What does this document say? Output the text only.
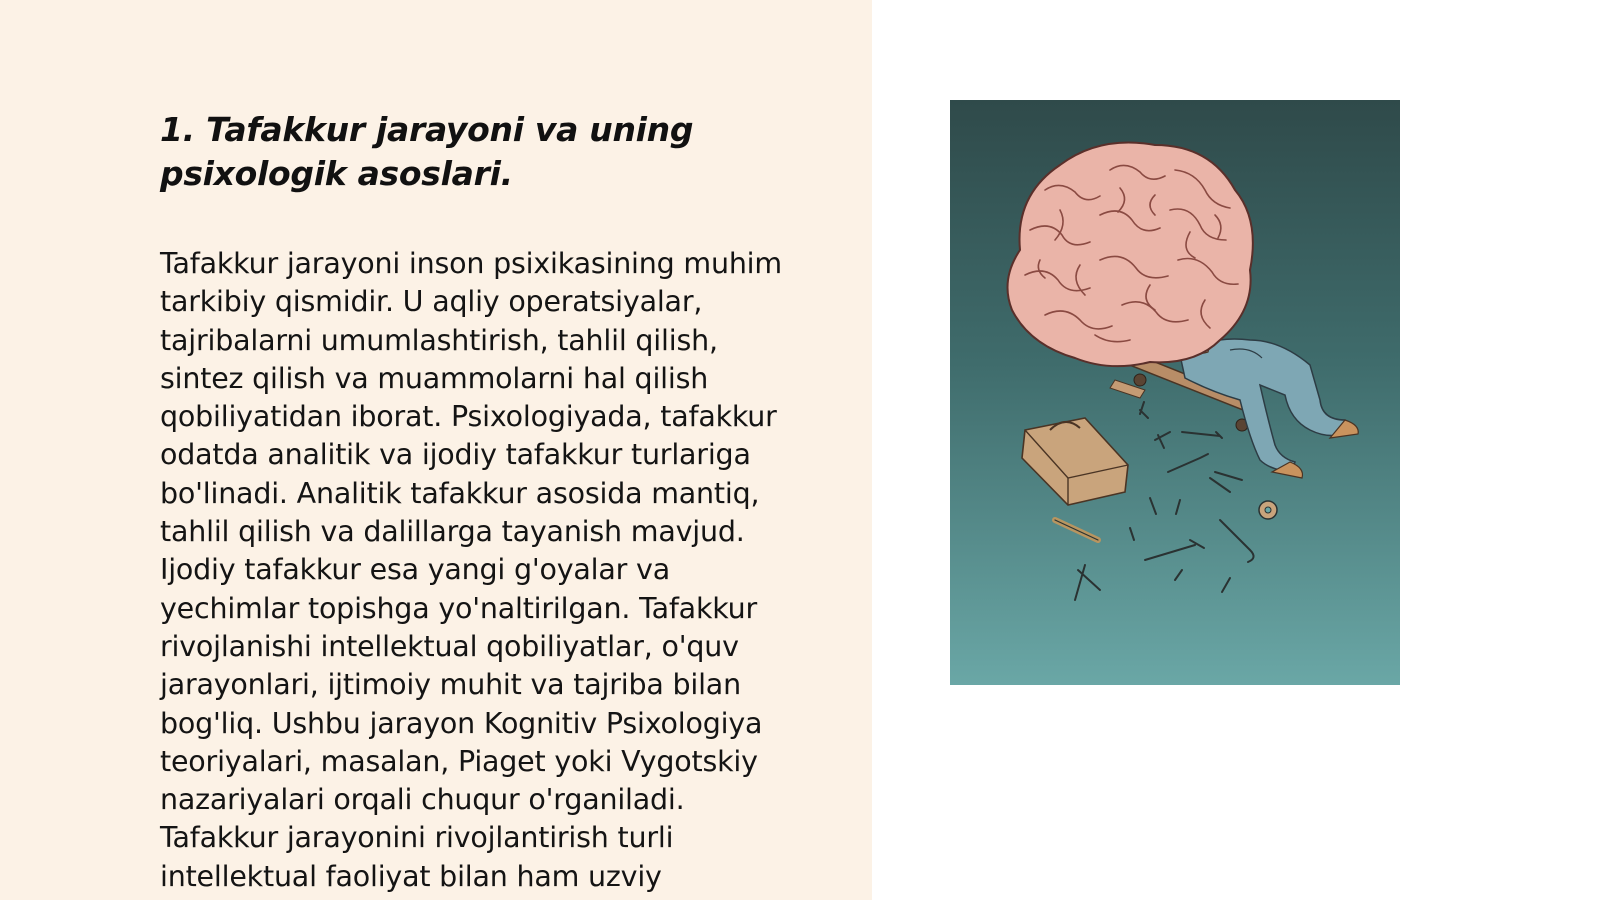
1. Tafakkur jarayoni va uning
psixologik asoslari.
Tafakkur jarayoni inson psixikasining muhim
tarkibiy qismidir. U aqliy operatsiyalar,
tajribalarni umumlashtirish, tahlil qilish,
sintez qilish va muammolarni hal qilish
qobiliyatidan iborat. Psixologiyada, tafakkur
odatda analitik va ijodiy tafakkur turlariga
bo'linadi. Analitik tafakkur asosida mantiq,
tahlil qilish va dalillarga tayanish mavjud.
Ijodiy tafakkur esa yangi g'oyalar va
yechimlar topishga yo'naltirilgan. Tafakkur
rivojlanishi intellektual qobiliyatlar, o'quv
jarayonlari, ijtimoiy muhit va tajriba bilan
bog'liq. Ushbu jarayon Kognitiv Psixologiya
teoriyalari, masalan, Piaget yoki Vygotskiy
nazariyalari orqali chuqur o'rganiladi.
Tafakkur jarayonini rivojlantirish turli
intellektual faoliyat bilan ham uzviy
